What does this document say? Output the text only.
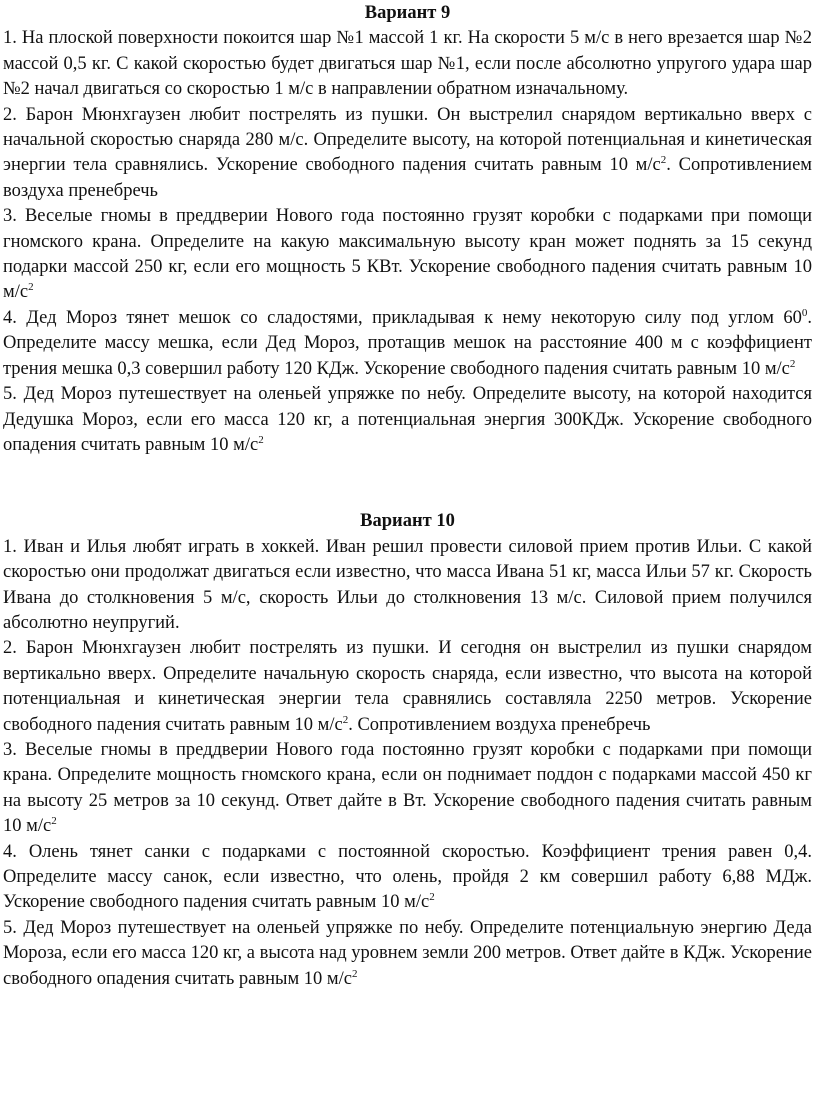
Вариант 9

1. На плоской поверхности покоится шар №1 массой 1 кг. На скорости 5 м/с в него врезается шар №2 массой 0,5 кг. С какой скоростью будет двигаться шар №1, если после абсолютно упругого удара шар №2 начал двигаться со скоростью 1 м/с в направлении обратном изначальному.

2. Барон Мюнхгаузен любит пострелять из пушки. Он выстрелил снарядом вертикально вверх с начальной скоростью снаряда 280 м/с. Определите высоту, на которой потенциальная и кинетическая энергии тела сравнялись. Ускорение свободного падения считать равным 10 $м/с^2$. Сопротивлением воздуха пренебречь

3. Веселые гномы в преддверии Нового года постоянно грузят коробки с подарками при помощи гномского крана. Определите на какую максимальную высоту кран может поднять за 15 секунд подарки массой 250 кг, если его мощность 5 КВт. Ускорение свободного падения считать равным 10 $м/с^2$

4. Дед Мороз тянет мешок со сладостями, прикладывая к нему некоторую силу под углом $60^0$. Определите массу мешка, если Дед Мороз, протащив мешок на расстояние 400 м с коэффициент трения мешка 0,3 совершил работу 120 КДж. Ускорение свободного падения считать равным 10 $м/с^2$

5. Дед Мороз путешествует на оленьей упряжке по небу. Определите высоту, на которой находится Дедушка Мороз, если его масса 120 кг, а потенциальная энергия 300КДж. Ускорение свободного опадения считать равным 10 $м/с^2$

Вариант 10

1. Иван и Илья любят играть в хоккей. Иван решил провести силовой прием против Ильи. С какой скоростью они продолжат двигаться если известно, что масса Ивана 51 кг, масса Ильи 57 кг. Скорость Ивана до столкновения 5 м/с, скорость Ильи до столкновения 13 м/с. Силовой прием получился абсолютно неупругий.

2. Барон Мюнхгаузен любит пострелять из пушки. И сегодня он выстрелил из пушки снарядом вертикально вверх. Определите начальную скорость снаряда, если известно, что высота на которой потенциальная и кинетическая энергии тела сравнялись составляла 2250 метров. Ускорение свободного падения считать равным 10 $м/с^2$. Сопротивлением воздуха пренебречь

3. Веселые гномы в преддверии Нового года постоянно грузят коробки с подарками при помощи крана. Определите мощность гномского крана, если он поднимает поддон с подарками массой 450 кг на высоту 25 метров за 10 секунд. Ответ дайте в Вт. Ускорение свободного падения считать равным 10 $м/с^2$

4. Олень тянет санки с подарками с постоянной скоростью. Коэффициент трения равен 0,4. Определите массу санок, если известно, что олень, пройдя 2 км совершил работу 6,88 МДж. Ускорение свободного падения считать равным 10 $м/с^2$

5. Дед Мороз путешествует на оленьей упряжке по небу. Определите потенциальную энергию Деда Мороза, если его масса 120 кг, а высота над уровнем земли 200 метров. Ответ дайте в КДж. Ускорение свободного опадения считать равным 10 $м/с^2$
